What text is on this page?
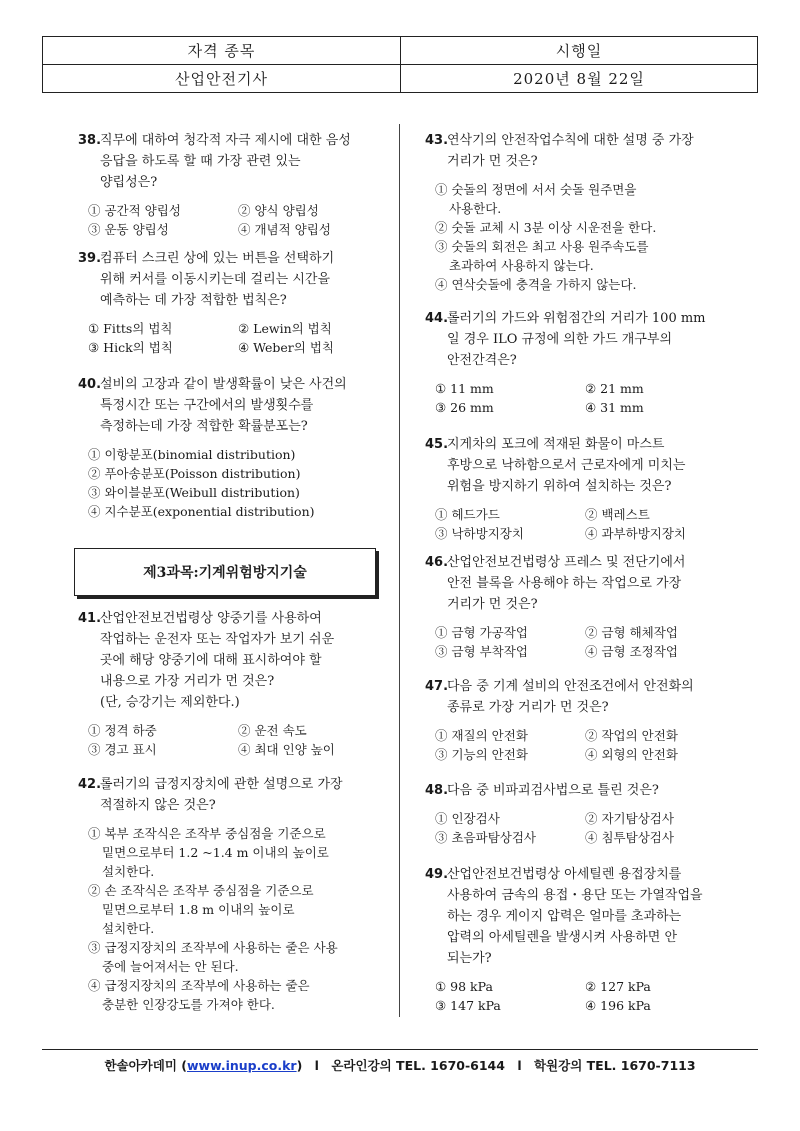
자격 종목	시행일
산업안전기사	2020년 8월 22일
38.
직무에 대하여 청각적 자극 제시에 대한 음성
응답을 하도록 할 때 가장 관련 있는
양립성은?
① 공간적 양립성	② 양식 양립성
③ 운동 양립성	④ 개념적 양립성
39.
컴퓨터 스크린 상에 있는 버튼을 선택하기
위해 커서를 이동시키는데 걸리는 시간을
예측하는 데 가장 적합한 법칙은?
① Fitts의 법칙	② Lewin의 법칙
③ Hick의 법칙	④ Weber의 법칙
40.
설비의 고장과 같이 발생확률이 낮은 사건의
특정시간 또는 구간에서의 발생횟수를
측정하는데 가장 적합한 확률분포는?
① 이항분포(binomial distribution)
② 푸아송분포(Poisson distribution)
③ 와이블분포(Weibull distribution)
④ 지수분포(exponential distribution)
41.
산업안전보건법령상 양중기를 사용하여
작업하는 운전자 또는 작업자가 보기 쉬운
곳에 해당 양중기에 대해 표시하여야 할
내용으로 가장 거리가 먼 것은?
(단, 승강기는 제외한다.)
① 정격 하중	② 운전 속도
③ 경고 표시	④ 최대 인양 높이
42.
롤러기의 급정지장치에 관한 설명으로 가장
적절하지 않은 것은?
① 복부 조작식은 조작부 중심점을 기준으로
밑면으로부터 1.2 ~1.4 m 이내의 높이로
설치한다.
② 손 조작식은 조작부 중심점을 기준으로
밑면으로부터 1.8 m 이내의 높이로
설치한다.
③ 급정지장치의 조작부에 사용하는 줄은 사용
중에 늘어져서는 안 된다.
④ 급정지장치의 조작부에 사용하는 줄은
충분한 인장강도를 가져야 한다.
43.
연삭기의 안전작업수칙에 대한 설명 중 가장
거리가 먼 것은?
① 숫돌의 정면에 서서 숫돌 원주면을
사용한다.
② 숫돌 교체 시 3분 이상 시운전을 한다.
③ 숫돌의 회전은 최고 사용 원주속도를
초과하여 사용하지 않는다.
④ 연삭숫돌에 충격을 가하지 않는다.
44.
롤러기의 가드와 위험점간의 거리가 100 mm
일 경우 ILO 규정에 의한 가드 개구부의
안전간격은?
① 11 mm	② 21 mm
③ 26 mm	④ 31 mm
45.
지게차의 포크에 적재된 화물이 마스트
후방으로 낙하함으로서 근로자에게 미치는
위험을 방지하기 위하여 설치하는 것은?
① 헤드가드	② 백레스트
③ 낙하방지장치	④ 과부하방지장치
46.
산업안전보건법령상 프레스 및 전단기에서
안전 블록을 사용해야 하는 작업으로 가장
거리가 먼 것은?
① 금형 가공작업	② 금형 해체작업
③ 금형 부착작업	④ 금형 조정작업
47.
다음 중 기계 설비의 안전조건에서 안전화의
종류로 가장 거리가 먼 것은?
① 재질의 안전화	② 작업의 안전화
③ 기능의 안전화	④ 외형의 안전화
48.
다음 중 비파괴검사법으로 틀린 것은?
① 인장검사	② 자기탐상검사
③ 초음파탐상검사	④ 침투탐상검사
49.
산업안전보건법령상 아세틸렌 용접장치를
사용하여 금속의 용접・용단 또는 가열작업을
하는 경우 게이지 압력은 얼마를 초과하는
압력의 아세틸렌을 발생시켜 사용하면 안
되는가?
① 98 kPa	② 127 kPa
③ 147 kPa	④ 196 kPa
제3과목:기계위험방지기술
한솔아카데미 (www.inup.co.kr) l 온라인강의 TEL. 1670-6144 l 학원강의 TEL. 1670-7113
